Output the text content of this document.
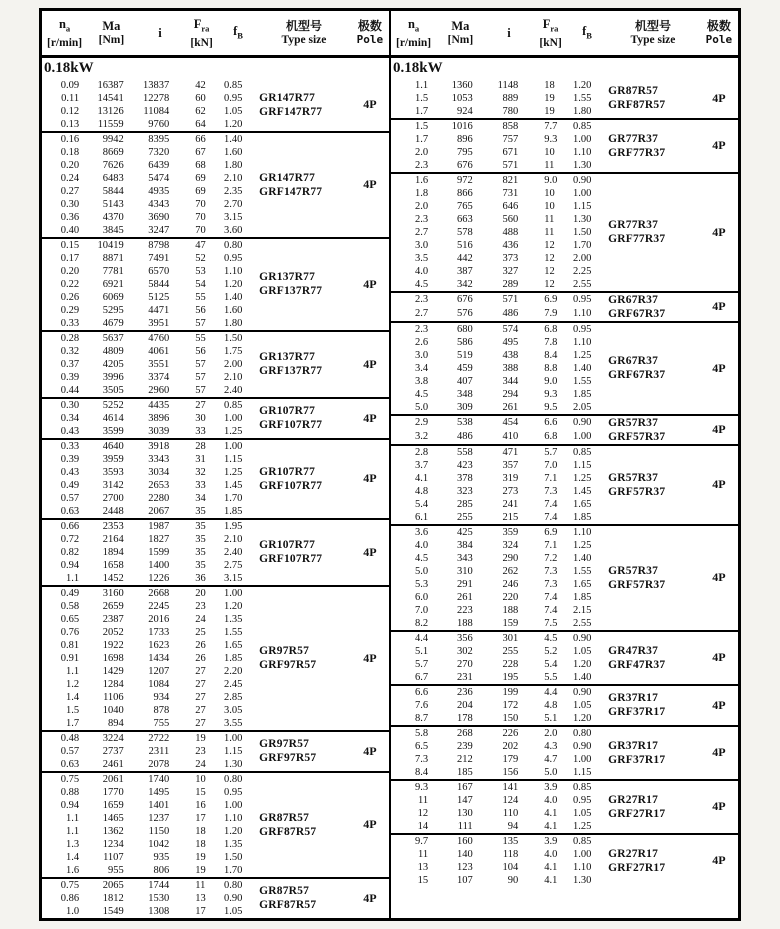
$n_a$
[r/min]

Ma
[Nm]	i

$F_{ra}$
[kN]

$f_B$

机型号
Type size

极数
Pole

0.18kW						
0.09	16387	13837	42	0.85	GR147R77
GRF147R77	4P
0.11	14541	12278	60	0.95		
0.12	13126	11084	62	1.05		
0.13	11559	9760	64	1.20		
0.16	9942	8395	66	1.40	GR147R77
GRF147R77	4P
0.18	8669	7320	67	1.60		
0.20	7626	6439	68	1.80		
0.24	6483	5474	69	2.10		
0.27	5844	4935	69	2.35		
0.30	5143	4343	70	2.70		
0.36	4370	3690	70	3.15		
0.40	3845	3247	70	3.60		
0.15	10419	8798	47	0.80	GR137R77
GRF137R77	4P
0.17	8871	7491	52	0.95		
0.20	7781	6570	53	1.10		
0.22	6921	5844	54	1.20		
0.26	6069	5125	55	1.40		
0.29	5295	4471	56	1.60		
0.33	4679	3951	57	1.80		
0.28	5637	4760	55	1.50	GR137R77
GRF137R77	4P
0.32	4809	4061	56	1.75		
0.37	4205	3551	57	2.00		
0.39	3996	3374	57	2.10		
0.44	3505	2960	57	2.40		
0.30	5252	4435	27	0.85	GR107R77
GRF107R77	4P
0.34	4614	3896	30	1.00		
0.43	3599	3039	33	1.25		
0.33	4640	3918	28	1.00	GR107R77
GRF107R77	4P
0.39	3959	3343	31	1.15		
0.43	3593	3034	32	1.25		
0.49	3142	2653	33	1.45		
0.57	2700	2280	34	1.70		
0.63	2448	2067	35	1.85		
0.66	2353	1987	35	1.95	GR107R77
GRF107R77	4P
0.72	2164	1827	35	2.10		
0.82	1894	1599	35	2.40		
0.94	1658	1400	35	2.75		
1.1	1452	1226	36	3.15		
0.49	3160	2668	20	1.00	GR97R57
GRF97R57	4P
0.58	2659	2245	23	1.20		
0.65	2387	2016	24	1.35		
0.76	2052	1733	25	1.55		
0.81	1922	1623	26	1.65		
0.91	1698	1434	26	1.85		
1.1	1429	1207	27	2.20		
1.2	1284	1084	27	2.45		
1.4	1106	934	27	2.85		
1.5	1040	878	27	3.05		
1.7	894	755	27	3.55		
0.48	3224	2722	19	1.00	GR97R57
GRF97R57	4P
0.57	2737	2311	23	1.15		
0.63	2461	2078	24	1.30		
0.75	2061	1740	10	0.80	GR87R57
GRF87R57	4P
0.88	1770	1495	15	0.95		
0.94	1659	1401	16	1.00		
1.1	1465	1237	17	1.10		
1.1	1362	1150	18	1.20		
1.3	1234	1042	18	1.35		
1.4	1107	935	19	1.50		
1.6	955	806	19	1.70		
0.75	2065	1744	11	0.80	GR87R57
GRF87R57	4P
0.86	1812	1530	13	0.90		
1.0	1549	1308	17	1.05		
$n_a$
[r/min]

Ma
[Nm]	i

$F_{ra}$
[kN]

$f_B$

机型号
Type size

极数
Pole

0.18kW						
1.1	1360	1148	18	1.20	GR87R57
GRF87R57	4P
1.5	1053	889	19	1.55		
1.7	924	780	19	1.80		
1.5	1016	858	7.7	0.85	GR77R37
GRF77R37	4P
1.7	896	757	9.3	1.00		
2.0	795	671	10	1.10		
2.3	676	571	11	1.30		
1.6	972	821	9.0	0.90	GR77R37
GRF77R37	4P
1.8	866	731	10	1.00		
2.0	765	646	10	1.15		
2.3	663	560	11	1.30		
2.7	578	488	11	1.50		
3.0	516	436	12	1.70		
3.5	442	373	12	2.00		
4.0	387	327	12	2.25		
4.5	342	289	12	2.55		
2.3	676	571	6.9	0.95	GR67R37
GRF67R37	4P
2.7	576	486	7.9	1.10		
2.3	680	574	6.8	0.95	GR67R37
GRF67R37	4P
2.6	586	495	7.8	1.10		
3.0	519	438	8.4	1.25		
3.4	459	388	8.8	1.40		
3.8	407	344	9.0	1.55		
4.5	348	294	9.3	1.85		
5.0	309	261	9.5	2.05		
2.9	538	454	6.6	0.90	GR57R37
GRF57R37	4P
3.2	486	410	6.8	1.00		
2.8	558	471	5.7	0.85	GR57R37
GRF57R37	4P
3.7	423	357	7.0	1.15		
4.1	378	319	7.1	1.25		
4.8	323	273	7.3	1.45		
5.4	285	241	7.4	1.65		
6.1	255	215	7.4	1.85		
3.6	425	359	6.9	1.10	GR57R37
GRF57R37	4P
4.0	384	324	7.1	1.25		
4.5	343	290	7.2	1.40		
5.0	310	262	7.3	1.55		
5.3	291	246	7.3	1.65		
6.0	261	220	7.4	1.85		
7.0	223	188	7.4	2.15		
8.2	188	159	7.5	2.55		
4.4	356	301	4.5	0.90	GR47R37
GRF47R37	4P
5.1	302	255	5.2	1.05		
5.7	270	228	5.4	1.20		
6.7	231	195	5.5	1.40		
6.6	236	199	4.4	0.90	GR37R17
GRF37R17	4P
7.6	204	172	4.8	1.05		
8.7	178	150	5.1	1.20		
5.8	268	226	2.0	0.80	GR37R17
GRF37R17	4P
6.5	239	202	4.3	0.90		
7.3	212	179	4.7	1.00		
8.4	185	156	5.0	1.15		
9.3	167	141	3.9	0.85	GR27R17
GRF27R17	4P
11	147	124	4.0	0.95		
12	130	110	4.1	1.05		
14	111	94	4.1	1.25		
9.7	160	135	3.9	0.85	GR27R17
GRF27R17	4P
11	140	118	4.0	1.00		
13	123	104	4.1	1.10		
15	107	90	4.1	1.30		
